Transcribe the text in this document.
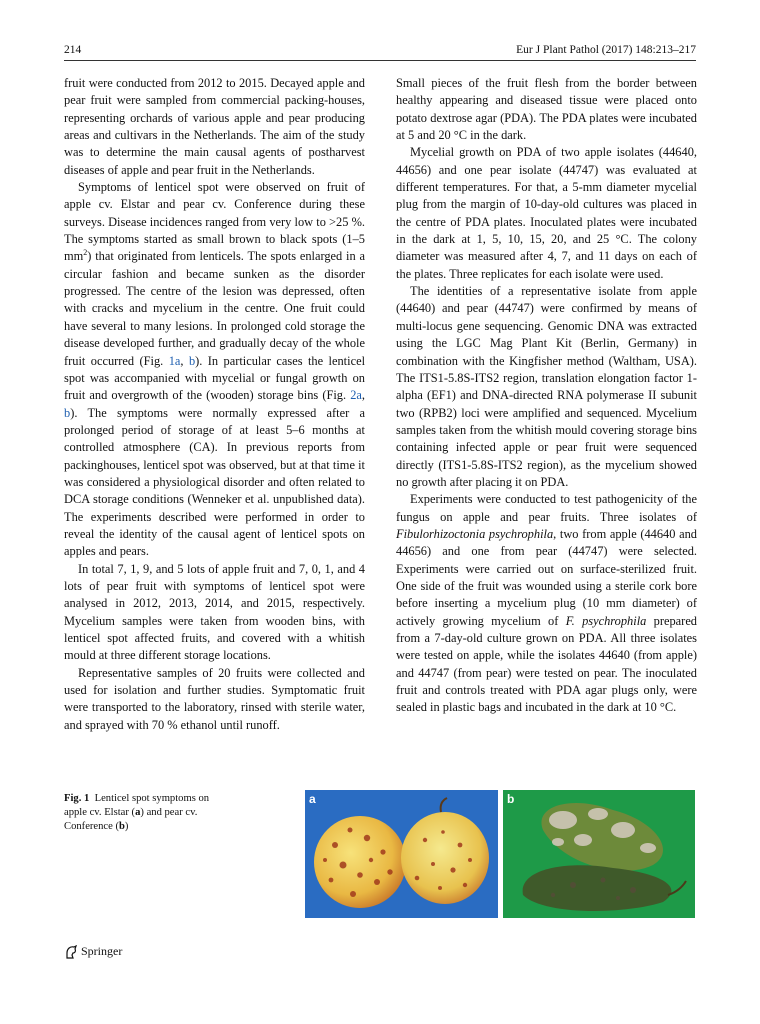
214	Eur J Plant Pathol (2017) 148:213–217

fruit were conducted from 2012 to 2015. Decayed apple and pear fruit were sampled from commercial packing-houses, representing orchards of various apple and pear producing areas and cultivars in the Netherlands. The aim of the study was to determine the main causal agents of postharvest diseases of apple and pear fruit in the Netherlands.

Symptoms of lenticel spot were observed on fruit of apple cv. Elstar and pear cv. Conference during these surveys. Disease incidences ranged from very low to >25 %. The symptoms started as small brown to black spots (1–5 $mm^2$) that originated from lenticels. The spots enlarged in a circular fashion and became sunken as the disorder progressed. The centre of the lesion was depressed, often with cracks and mycelium in the centre. One fruit could have several to many lesions. In prolonged cold storage the disease developed further, and gradually decay of the whole fruit occurred (Fig. 1a, b). In particular cases the lenticel spot was accompanied with mycelial or fungal growth on fruit and overgrowth of the (wooden) storage bins (Fig. 2a, b). The symptoms were normally expressed after a prolonged period of storage of at least 5–6 months at controlled atmosphere (CA). In previous reports from packinghouses, lenticel spot was observed, but at that time it was considered a physiological disorder and often related to DCA storage conditions (Wenneker et al. unpublished data). The experiments described were performed in order to reveal the identity of the causal agent of lenticel spots on apples and pears.

In total 7, 1, 9, and 5 lots of apple fruit and 7, 0, 1, and 4 lots of pear fruit with symptoms of lenticel spot were analysed in 2012, 2013, 2014, and 2015, respectively. Mycelium samples were taken from wooden bins, with lenticel spot affected fruits, and covered with a whitish mould at three different storage locations.

Representative samples of 20 fruits were collected and used for isolation and further studies. Symptomatic fruit were transported to the laboratory, rinsed with sterile water, and sprayed with 70 % ethanol until runoff.

Small pieces of the fruit flesh from the border between healthy appearing and diseased tissue were placed onto potato dextrose agar (PDA). The PDA plates were incubated at 5 and 20 °C in the dark.

Mycelial growth on PDA of two apple isolates (44640, 44656) and one pear isolate (44747) was evaluated at different temperatures. For that, a 5-mm diameter mycelial plug from the margin of 10-day-old cultures was placed in the centre of PDA plates. Inoculated plates were incubated in the dark at 1, 5, 10, 15, 20, and 25 °C. The colony diameter was measured after 4, 7, and 11 days on each of the plates. Three replicates for each isolate were used.

The identities of a representative isolate from apple (44640) and pear (44747) were confirmed by means of multi-locus gene sequencing. Genomic DNA was extracted using the LGC Mag Plant Kit (Berlin, Germany) in combination with the Kingfisher method (Waltham, USA). The ITS1-5.8S-ITS2 region, translation elongation factor 1-alpha (EF1) and DNA-directed RNA polymerase II subunit two (RPB2) loci were amplified and sequenced. Mycelium samples taken from the whitish mould covering storage bins containing infected apple or pear fruit were sequenced directly (ITS1-5.8S-ITS2 region), as the mycelium showed no growth after placing it on PDA.

Experiments were conducted to test pathogenicity of the fungus on apple and pear fruits. Three isolates of Fibulorhizoctonia psychrophila, two from apple (44640 and 44656) and one from pear (44747) were selected. Experiments were carried out on surface-sterilized fruit. One side of the fruit was wounded using a sterile cork bore before inserting a mycelium plug (10 mm diameter) of actively growing mycelium of F. psychrophila prepared from a 7-day-old culture grown on PDA. All three isolates were tested on apple, while the isolates 44640 (from apple) and 44747 (from pear) were tested on pear. The inoculated fruit and controls treated with PDA agar plugs only, were sealed in plastic bags and incubated in the dark at 10 °C.

Fig. 1 Lenticel spot symptoms on apple cv. Elstar (a) and pear cv. Conference (b)
a	b
Springer
